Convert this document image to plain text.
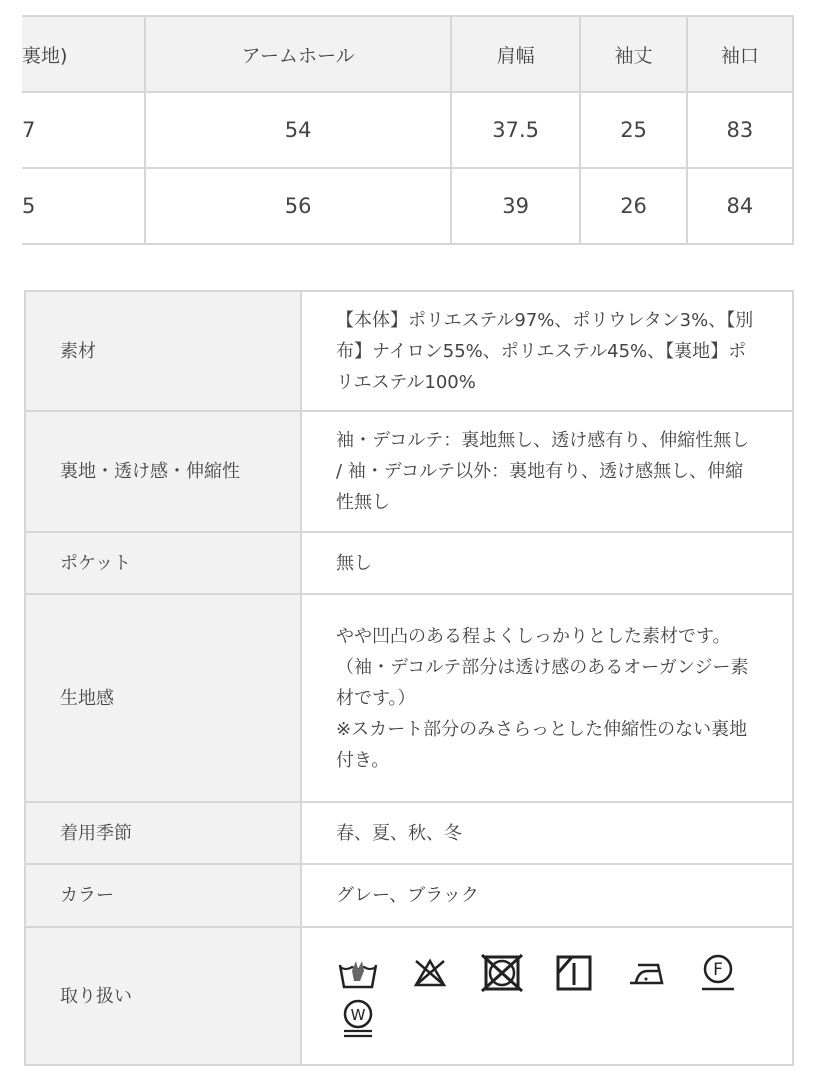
裏地)	アームホール	肩幅	袖丈	袖口
7	54	37.5	25	83
5	56	39	26	84
素材	【本体】ポリエステル97%、ポリウレタン3%、【別布】ナイロン55%、ポリエステル45%、【裏地】ポリエステル100%
裏地・透け感・伸縮性	袖・デコルテ：裏地無し、透け感有り、伸縮性無し / 袖・デコルテ以外：裏地有り、透け感無し、伸縮性無し
ポケット	無し
生地感	やや凹凸のある程よくしっかりとした素材です。
（袖・デコルテ部分は透け感のあるオーガンジー素材です。）
※スカート部分のみさらっとした伸縮性のない裏地付き。
着用季節	春、夏、秋、冬
カラー	グレー、ブラック
取り扱い	F
W
